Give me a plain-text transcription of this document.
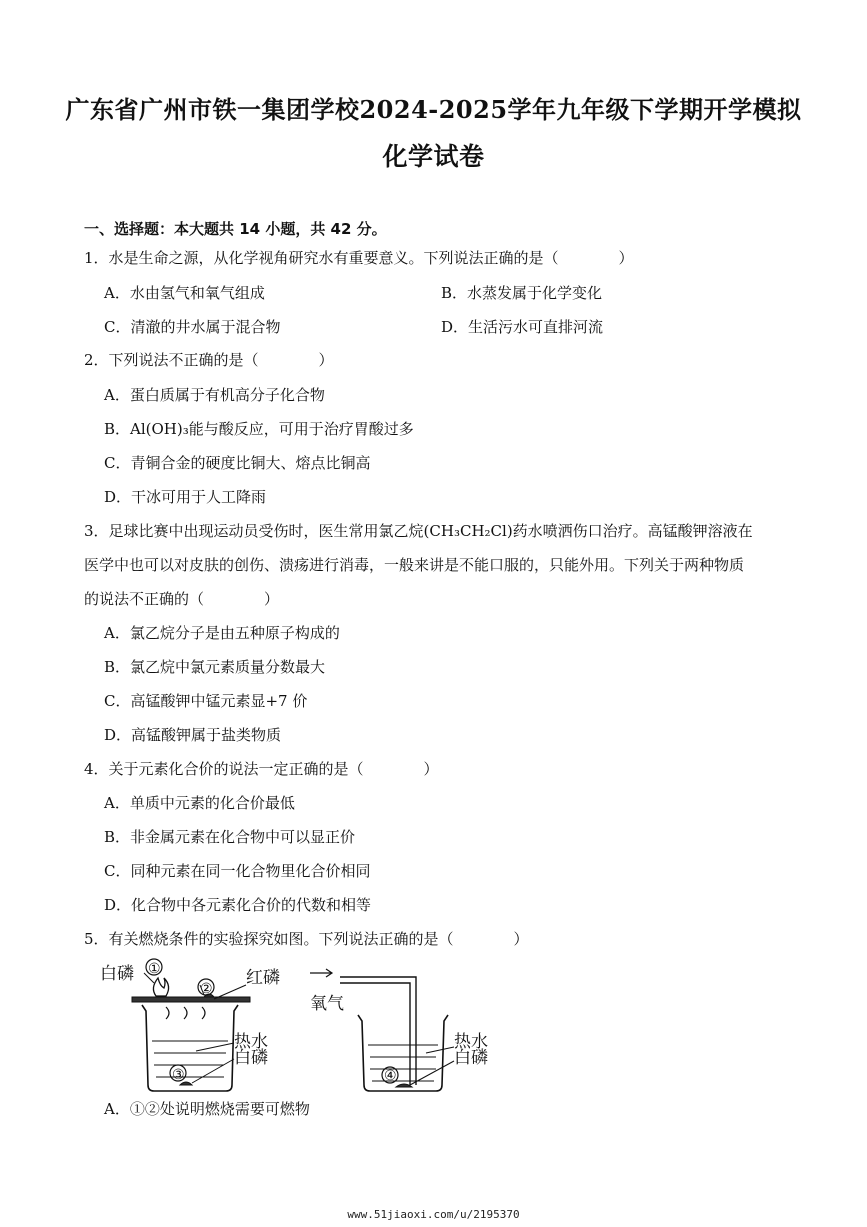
广东省广州市铁一集团学校2024-2025学年九年级下学期开学模拟
化学试卷
一、选择题：本大题共 14 小题，共 42 分。
1．水是生命之源，从化学视角研究水有重要意义。下列说法正确的是（　　　　）
A．水由氢气和氧气组成	B．水蒸发属于化学变化
C．清澈的井水属于混合物	D．生活污水可直排河流
2．下列说法不正确的是（　　　　）
A．蛋白质属于有机高分子化合物
B．Al(OH)₃能与酸反应，可用于治疗胃酸过多
C．青铜合金的硬度比铜大、熔点比铜高
D．干冰可用于人工降雨
3．足球比赛中出现运动员受伤时，医生常用氯乙烷(CH₃CH₂Cl)药水喷洒伤口治疗。高锰酸钾溶液在
医学中也可以对皮肤的创伤、溃疡进行消毒，一般来讲是不能口服的，只能外用。下列关于两种物质
的说法不正确的（　　　　）
A．氯乙烷分子是由五种原子构成的
B．氯乙烷中氯元素质量分数最大
C．高锰酸钾中锰元素显+7 价
D．高锰酸钾属于盐类物质
4．关于元素化合价的说法一定正确的是（　　　　）
A．单质中元素的化合价最低
B．非金属元素在化合物中可以显正价
C．同种元素在同一化合物里化合价相同
D．化合物中各元素化合价的代数和相等
5．有关燃烧条件的实验探究如图。下列说法正确的是（　　　　）
白磷 ①
②
红磷
热水
白磷
③
氧气
热水
白磷
④
A．①②处说明燃烧需要可燃物
www.51jiaoxi.com/u/2195370
